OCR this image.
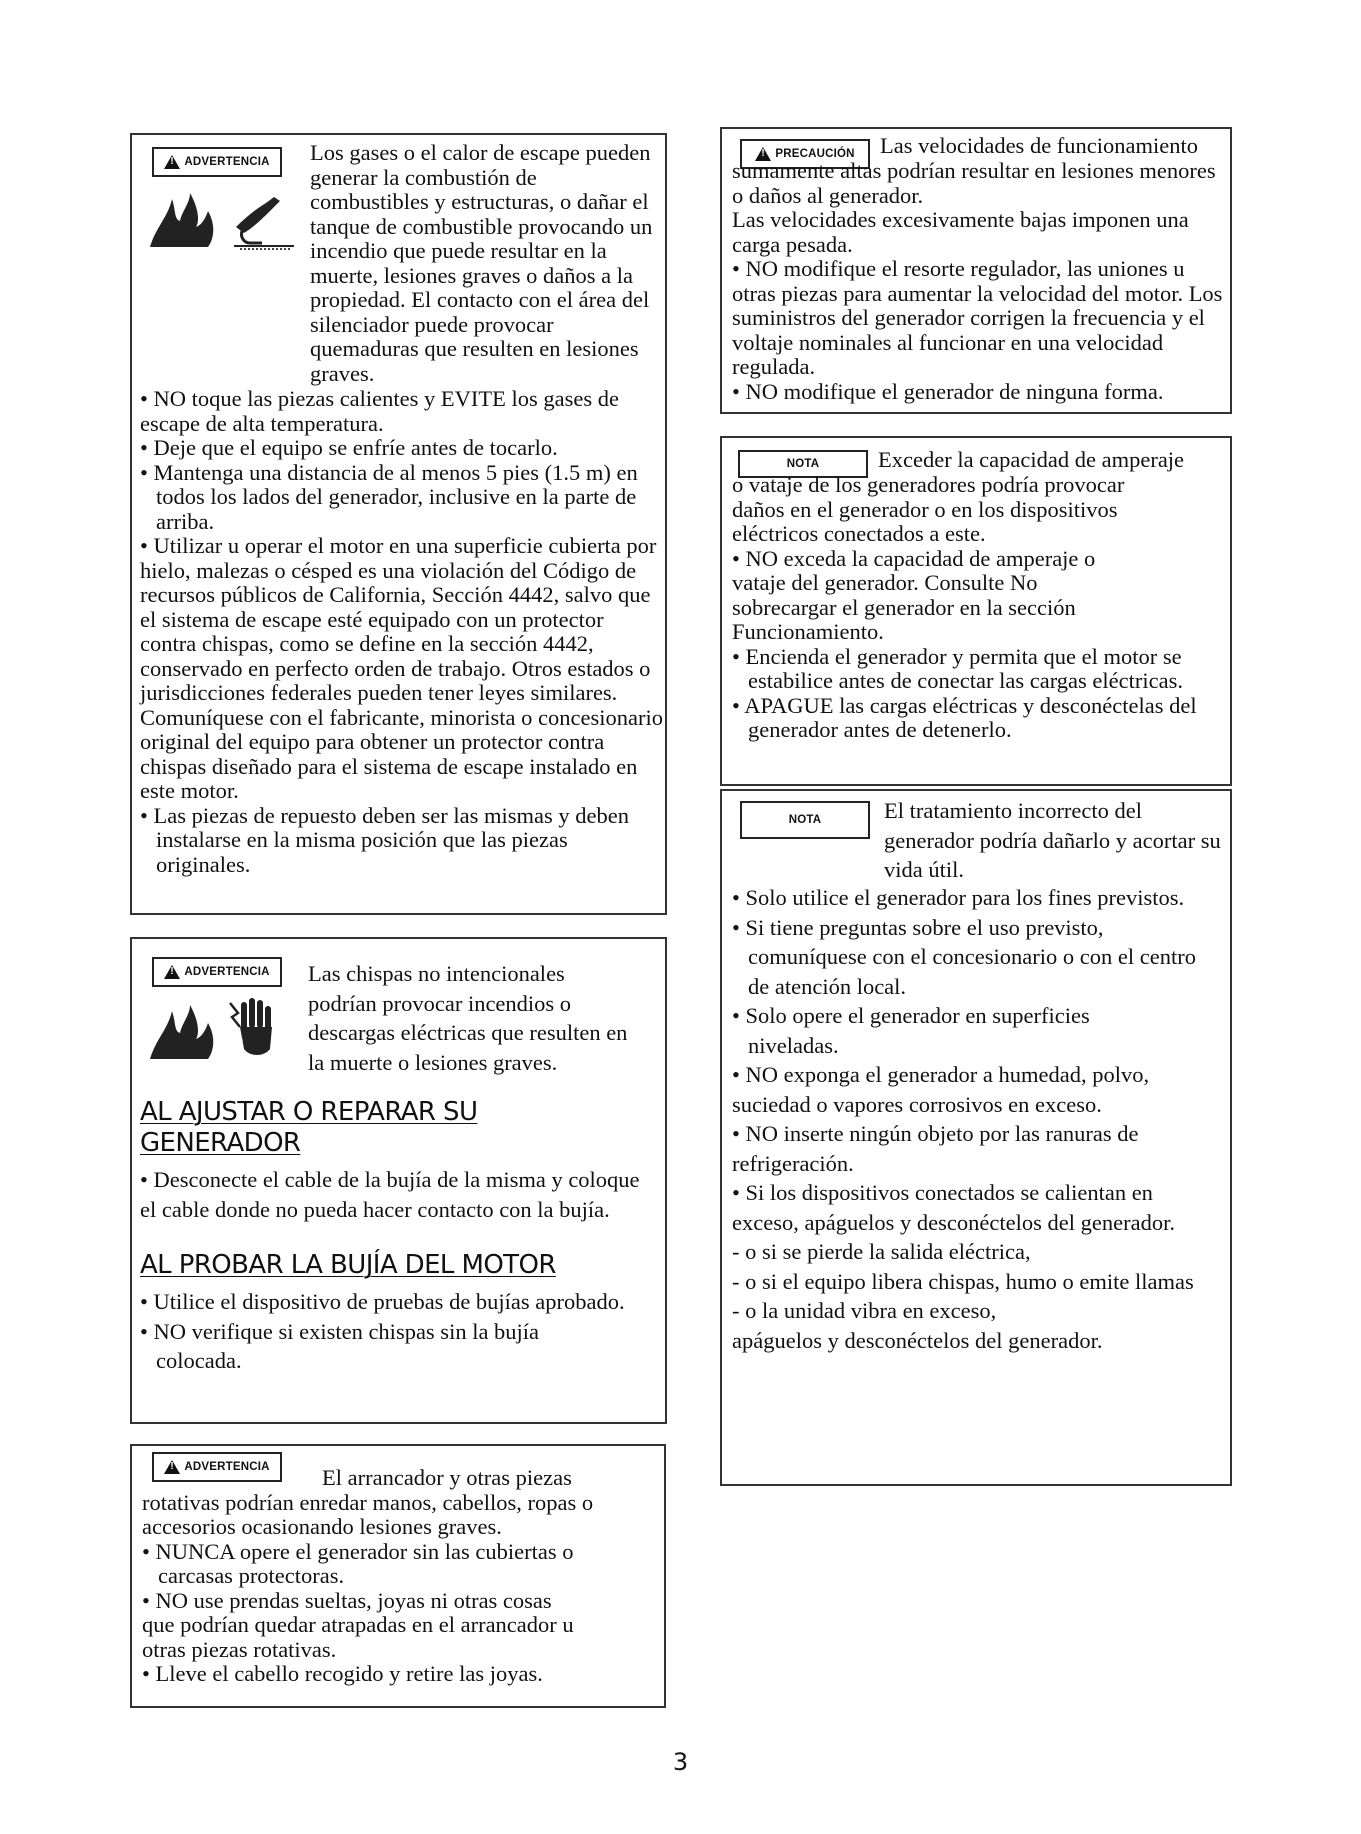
!
ADVERTENCIA Los gases o el calor de escape pueden generar la combustión de combustibles y estructuras, o dañar el tanque de combustible provocando un incendio que puede resultar en la muerte, lesiones graves o daños a la propiedad. El contacto con el área del silenciador puede provocar quemaduras que resulten en lesiones graves.
• NO toque las piezas calientes y EVITE los gases de escape de alta temperatura.
• Deje que el equipo se enfríe antes de tocarlo.
• Mantenga una distancia de al menos 5 pies (1.5 m) en todos los lados del generador, inclusive en la parte de arriba.
• Utilizar u operar el motor en una superficie cubierta por hielo, malezas o césped es una violación del Código de recursos públicos de California, Sección 4442, salvo que el sistema de escape esté equipado con un protector contra chispas, como se define en la sección 4442, conservado en perfecto orden de trabajo. Otros estados o jurisdicciones federales pueden tener leyes similares.
Comuníquese con el fabricante, minorista o concesionario original del equipo para obtener un protector contra chispas diseñado para el sistema de escape instalado en este motor.
• Las piezas de repuesto deben ser las mismas y deben instalarse en la misma posición que las piezas originales.
!
ADVERTENCIA Las chispas no intencionales podrían provocar incendios o descargas eléctricas que resulten en la muerte o lesiones graves.
AL AJUSTAR O REPARAR SU GENERADOR
• Desconecte el cable de la bujía de la misma y coloque el cable donde no pueda hacer contacto con la bujía.
AL PROBAR LA BUJÍA DEL MOTOR
• Utilice el dispositivo de pruebas de bujías aprobado.
• NO verifique si existen chispas sin la bujía colocada.
!
ADVERTENCIA	El arrancador y otras piezas rotativas podrían enredar manos, cabellos, ropas o accesorios ocasionando lesiones graves.
• NUNCA opere el generador sin las cubiertas o carcasas protectoras.
• NO use prendas sueltas, joyas ni otras cosas que podrían quedar atrapadas en el arrancador u otras piezas rotativas.
• Lleve el cabello recogido y retire las joyas.
!
PRECAUCIÓN Las velocidades de funcionamiento
sumamente altas podrían resultar en lesiones menores o daños al generador.
Las velocidades excesivamente bajas imponen una carga pesada.
• NO modifique el resorte regulador, las uniones u otras piezas para aumentar la velocidad del motor. Los suministros del generador corrigen la frecuencia y el voltaje nominales al funcionar en una velocidad regulada.
• NO modifique el generador de ninguna forma.
NOTA	Exceder la capacidad de amperaje
o vataje de los generadores podría provocar daños en el generador o en los dispositivos eléctricos conectados a este.
• NO exceda la capacidad de amperaje o vataje del generador. Consulte No sobrecargar el generador en la sección Funcionamiento.
• Encienda el generador y permita que el motor se estabilice antes de conectar las cargas eléctricas.
• APAGUE las cargas eléctricas y desconéctelas del generador antes de detenerlo.
NOTA	El tratamiento incorrecto del generador podría dañarlo y acortar su vida útil.
• Solo utilice el generador para los fines previstos.
• Si tiene preguntas sobre el uso previsto, comuníquese con el concesionario o con el centro de atención local.
• Solo opere el generador en superficies niveladas.
• NO exponga el generador a humedad, polvo, suciedad o vapores corrosivos en exceso.
• NO inserte ningún objeto por las ranuras de refrigeración.
• Si los dispositivos conectados se calientan en exceso, apáguelos y desconéctelos del generador.
- o si se pierde la salida eléctrica,
- o si el equipo libera chispas, humo o emite llamas
- o la unidad vibra en exceso,
apáguelos y desconéctelos del generador.
3
